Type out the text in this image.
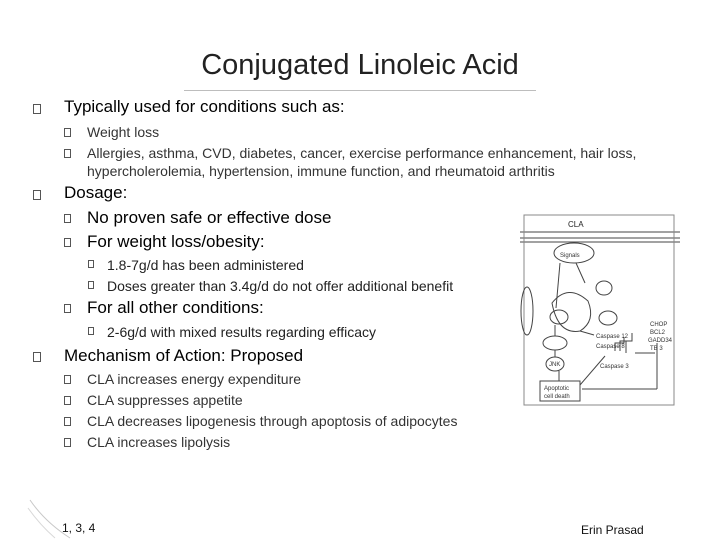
Conjugated Linoleic Acid
Typically used for conditions such as:
Weight loss
Allergies, asthma, CVD, diabetes, cancer, exercise performance enhancement, hair loss,
hypercholerolemia, hypertension, immune function, and rheumatoid arthritis
Dosage:
No proven safe or effective dose
For weight loss/obesity:
1.8-7g/d has been administered
Doses greater than 3.4g/d do not offer additional benefit
For all other conditions:
2-6g/d with mixed results regarding efficacy
Mechanism of Action: Proposed
CLA increases energy expenditure
CLA suppresses appetite
CLA decreases lipogenesis through apoptosis of adipocytes
CLA increases lipolysis
CLA
Signals
JNK
Caspase 12
Caspase 8
Caspase 3
CHOP
BCL2
GADD34
TB 3
Apoptotic
cell death
1, 3, 4	Erin Prasad
